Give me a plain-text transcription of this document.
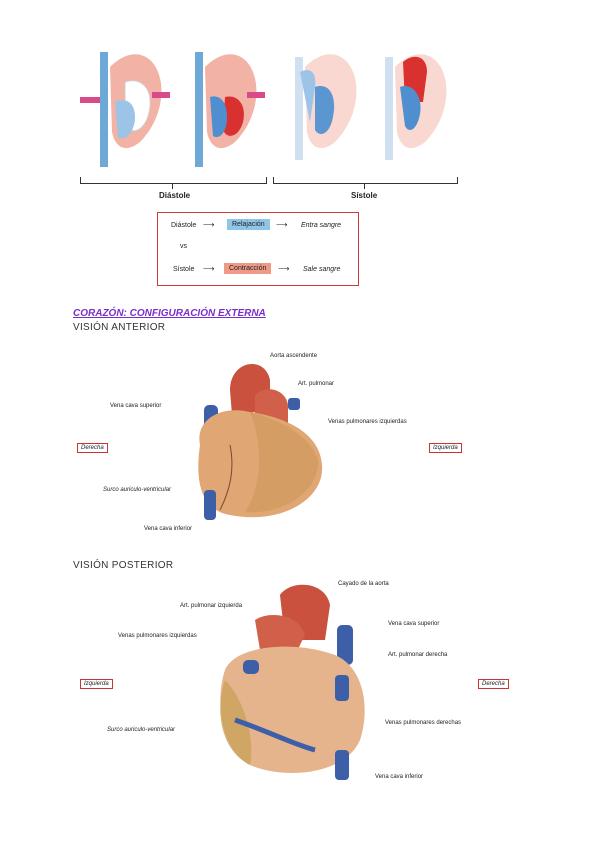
Diástole	Sístole
Diástole ⟶	Relajación	⟶ Entra sangre
vs
Sístole ⟶	Contracción	⟶ Sale sangre
CORAZÓN: CONFIGURACIÓN EXTERNA
VISIÓN ANTERIOR
Aorta ascendente
Art. pulmonar
Vena cava superior
Venas pulmonares izquierdas
Surco auriculo-ventricular
Vena cava inferior
Derecha	Izquierda
VISIÓN POSTERIOR
Cayado de la aorta
Art. pulmonar izquierda
Vena cava superior
Venas pulmonares izquierdas
Art. pulmonar derecha
Venas pulmonares derechas
Surco auriculo-ventricular
Vena cava inferior
Izquierda	Derecha
